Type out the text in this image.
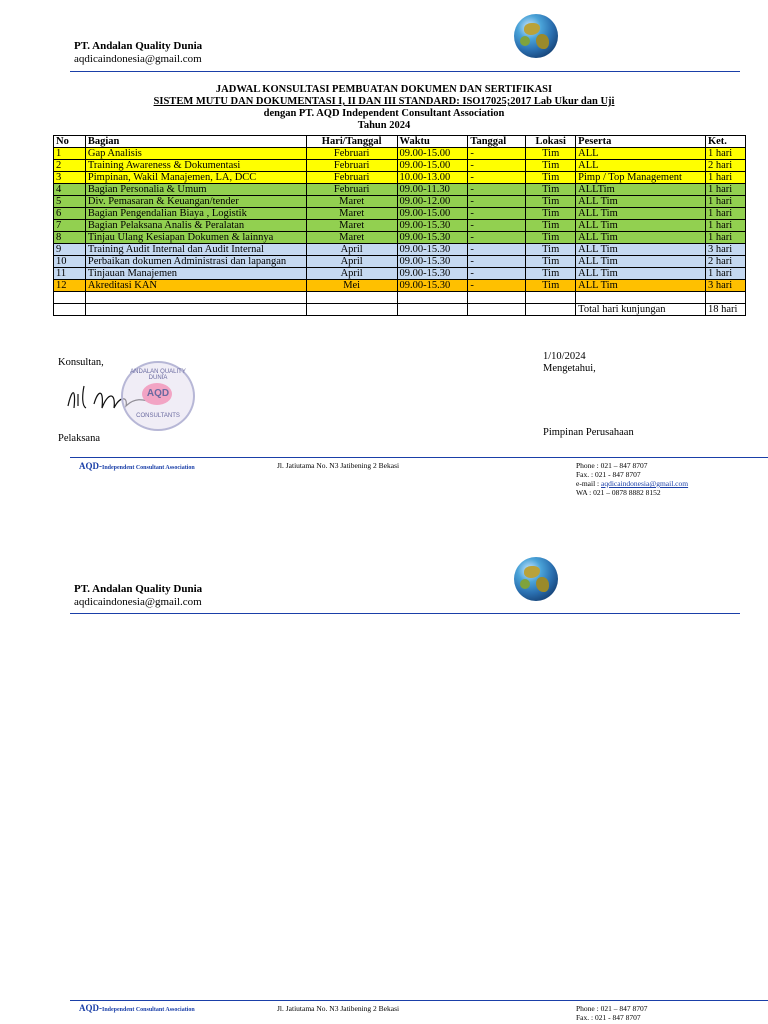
PT. Andalan Quality Dunia
aqdicaindonesia@gmail.com
JADWAL KONSULTASI PEMBUATAN DOKUMEN DAN SERTIFIKASI
SISTEM MUTU DAN DOKUMENTASI I, II DAN III STANDARD: ISO17025;2017 Lab Ukur dan Uji
dengan PT. AQD Independent Consultant Association
Tahun 2024
No	Bagian	Hari/Tanggal	Waktu	Tanggal	Lokasi	Peserta	Ket.
1	Gap Analisis	Februari	09.00-15.00	-	Tim	ALL	1 hari
2	Training Awareness & Dokumentasi	Februari	09.00-15.00	-	Tim	ALL	2 hari
3	Pimpinan, Wakil Manajemen, LA, DCC	Februari	10.00-13.00	-	Tim	Pimp / Top Management	1 hari
4	Bagian Personalia & Umum	Februari	09.00-11.30	-	Tim	ALLTim	1 hari
5	Div. Pemasaran & Keuangan/tender	Maret	09.00-12.00	-	Tim	ALL Tim	1 hari
6	Bagian Pengendalian Biaya , Logistik	Maret	09.00-15.00	-	Tim	ALL Tim	1 hari
7	Bagian Pelaksana Analis & Peralatan	Maret	09.00-15.30	-	Tim	ALL Tim	1 hari
8	Tinjau Ulang Kesiapan Dokumen & lainnya	Maret	09.00-15.30	-	Tim	ALL Tim	1 hari
9	Training Audit Internal dan Audit Internal	April	09.00-15.30	-	Tim	ALL Tim	3 hari
10	Perbaikan dokumen Administrasi dan lapangan	April	09.00-15.30	-	Tim	ALL Tim	2 hari
11	Tinjauan Manajemen	April	09.00-15.30	-	Tim	ALL Tim	1 hari
12	Akreditasi KAN	Mei	09.00-15.30	-	Tim	ALL Tim	3 hari

						Total hari kunjungan	18 hari
Konsultan,
ANDALAN QUALITY DUNIA
AQD
CONSULTANTS
Pelaksana
1/10/2024
Mengetahui,
Pimpinan Perusahaan
AQD-Independent Consultant Association	Jl. Jatiutama No. N3 Jatibening 2 Bekasi	Phone : 021 – 847 8707
Fax. : 021 - 847 8707
e-mail : aqdicaindonesia@gmail.com
WA : 021 – 0878 8882 8152
PT. Andalan Quality Dunia
aqdicaindonesia@gmail.com
AQD-Independent Consultant Association	Jl. Jatiutama No. N3 Jatibening 2 Bekasi	Phone : 021 – 847 8707
Fax. : 021 - 847 8707
